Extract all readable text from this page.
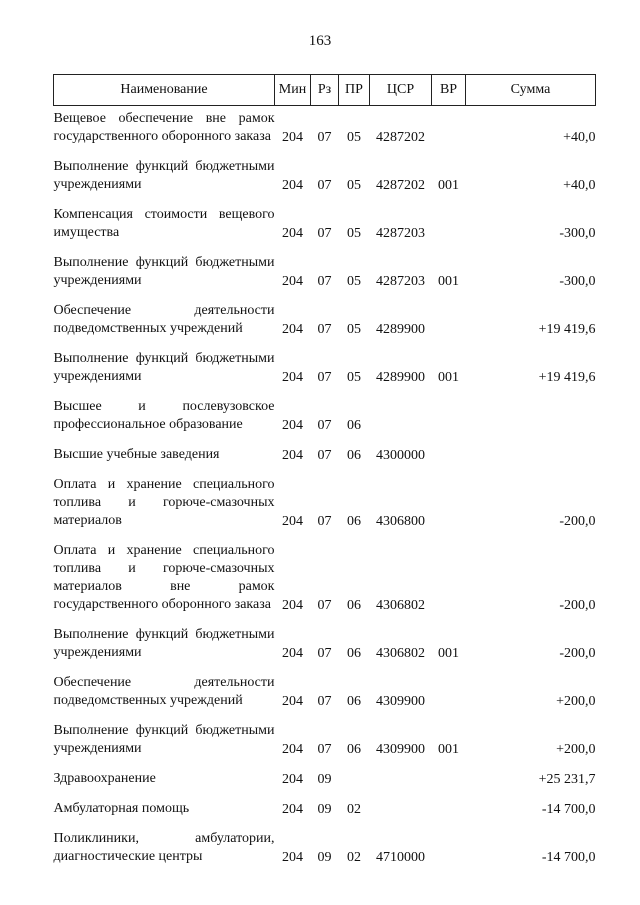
163
Наименование	Мин	Рз	ПР	ЦСР	ВР	Сумма
Вещевое обеспечение вне рамок государственного оборонного заказа	204	07	05	4287202		+40,0
Выполнение функций бюджетными учреждениями	204	07	05	4287202	001	+40,0
Компенсация стоимости вещевого имущества	204	07	05	4287203		-300,0
Выполнение функций бюджетными учреждениями	204	07	05	4287203	001	-300,0
Обеспечение деятельности подведомственных учреждений	204	07	05	4289900		+19 419,6
Выполнение функций бюджетными учреждениями	204	07	05	4289900	001	+19 419,6
Высшее и послевузовское профессиональное образование	204	07	06			
Высшие учебные заведения	204	07	06	4300000		
Оплата и хранение специального топлива и горюче-смазочных материалов	204	07	06	4306800		-200,0
Оплата и хранение специального топлива и горюче-смазочных материалов вне рамок государственного оборонного заказа	204	07	06	4306802		-200,0
Выполнение функций бюджетными учреждениями	204	07	06	4306802	001	-200,0
Обеспечение деятельности подведомственных учреждений	204	07	06	4309900		+200,0
Выполнение функций бюджетными учреждениями	204	07	06	4309900	001	+200,0
Здравоохранение	204	09				+25 231,7
Амбулаторная помощь	204	09	02			-14 700,0
Поликлиники, амбулатории, диагностические центры	204	09	02	4710000		-14 700,0
